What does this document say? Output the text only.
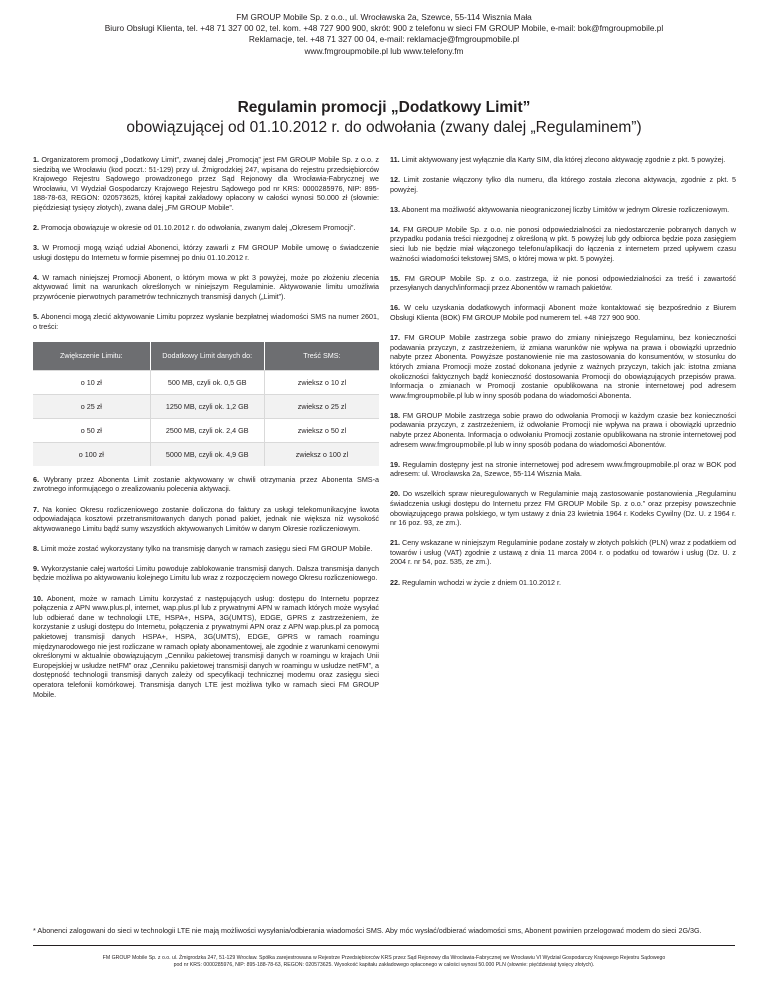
FM GROUP Mobile Sp. z o.o., ul. Wrocławska 2a, Szewce, 55-114 Wisznia Mała
Biuro Obsługi Klienta, tel. +48 71 327 00 02, tel. kom. +48 727 900 900, skrót: 900 z telefonu w sieci FM GROUP Mobile, e-mail: bok@fmgroupmobile.pl
Reklamacje, tel. +48 71 327 00 04, e-mail: reklamacje@fmgroupmobile.pl
www.fmgroupmobile.pl lub www.telefony.fm
Regulamin promocji „Dodatkowy Limit”
obowiązującej od 01.10.2012 r. do odwołania (zwany dalej „Regulaminem”)

1. Organizatorem promocji „Dodatkowy Limit”, zwanej dalej „Promocją” jest FM GROUP Mobile Sp. z o.o. z siedzibą we Wrocławiu (kod poczt.: 51-129) przy ul. Żmigrodzkiej 247, wpisana do rejestru przedsiębiorców Krajowego Rejestru Sądowego prowadzonego przez Sąd Rejonowy dla Wrocławia-Fabrycznej we Wrocławiu, VI Wydział Gospodarczy Krajowego Rejestru Sądowego pod nr KRS: 0000285976, NIP: 895-188-78-63, REGON: 020573625, której kapitał zakładowy opłacony w całości wynosi 50.000 zł (słownie: pięćdziesiąt tysięcy złotych), zwana dalej „FM GROUP Mobile”.

2. Promocja obowiązuje w okresie od 01.10.2012 r. do odwołania, zwanym dalej „Okresem Promocji”.

3. W Promocji mogą wziąć udział Abonenci, którzy zawarli z FM GROUP Mobile umowę o świadczenie usługi dostępu do Internetu w formie pisemnej po dniu 01.10.2012 r.

4. W ramach niniejszej Promocji Abonent, o którym mowa w pkt 3 powyżej, może po złożeniu zlecenia aktywować limit na warunkach określonych w niniejszym Regulaminie. Aktywowanie limitu umożliwia przywrócenie pierwotnych parametrów technicznych transmisji danych („Limit”).

5. Abonenci mogą zlecić aktywowanie Limitu poprzez wysłanie bezpłatnej wiadomości SMS na numer 2601, o treści:

Zwiększenie Limitu:	Dodatkowy Limit danych do:	Treść SMS:
o 10 zł	500 MB, czyli ok. 0,5 GB	zwieksz o 10 zl
o 25 zł	1250 MB, czyli ok. 1,2 GB	zwieksz o 25 zl
o 50 zł	2500 MB, czyli ok. 2,4 GB	zwieksz o 50 zl
o 100 zł	5000 MB, czyli ok. 4,9 GB	zwieksz o 100 zl

6. Wybrany przez Abonenta Limit zostanie aktywowany w chwili otrzymania przez Abonenta SMS-a zwrotnego informującego o zrealizowaniu polecenia aktywacji.

7. Na koniec Okresu rozliczeniowego zostanie doliczona do faktury za usługi telekomunikacyjne kwota odpowiadająca kosztowi przetransmitowanych danych ponad pakiet, jednak nie większa niż wysokość aktywowanego Limitu bądź sumy wszystkich aktywowanych Limitów w danym Okresie rozliczeniowym.

8. Limit może zostać wykorzystany tylko na transmisję danych w ramach zasięgu sieci FM GROUP Mobile.

9. Wykorzystanie całej wartości Limitu powoduje zablokowanie transmisji danych. Dalsza transmisja danych będzie możliwa po aktywowaniu kolejnego Limitu lub wraz z rozpoczęciem nowego Okresu rozliczeniowego.

10. Abonent, może w ramach Limitu korzystać z następujących usług: dostępu do Internetu poprzez połączenia z APN www.plus.pl, internet, wap.plus.pl lub z prywatnymi APN w ramach których może wysyłać lub odbierać dane w technologii LTE, HSPA+, HSPA, 3G(UMTS), EDGE, GPRS z zastrzeżeniem, że korzystanie z usługi dostępu do Internetu, połączenia z prywatnymi APN oraz z APN wap.plus.pl za pomocą pakietowej transmisji danych HSPA+, HSPA, 3G(UMTS), EDGE, GPRS w ramach roamingu międzynarodowego nie jest rozliczane w ramach opłaty abonamentowej, ale zgodnie z warunkami cenowymi określonymi w aktualnie obowiązującym „Cenniku pakietowej transmisji danych w roamingu w krajach Unii Europejskiej w usłudze netFM” oraz „Cenniku pakietowej transmisji danych w roamingu w usłudze netFM”, a dostępność technologii transmisji danych zależy od specyfikacji technicznej modemu oraz zasięgu sieci operatora telefonii komórkowej. Transmisja danych LTE jest możliwa tylko w ramach sieci FM GROUP Mobile.

11. Limit aktywowany jest wyłącznie dla Karty SIM, dla której zlecono aktywację zgodnie z pkt. 5 powyżej.

12. Limit zostanie włączony tylko dla numeru, dla którego została zlecona aktywacja, zgodnie z pkt. 5 powyżej.

13. Abonent ma możliwość aktywowania nieograniczonej liczby Limitów w jednym Okresie rozliczeniowym.

14. FM GROUP Mobile Sp. z o.o. nie ponosi odpowiedzialności za niedostarczenie pobranych danych w przypadku podania treści niezgodnej z określoną w pkt. 5 powyżej lub gdy odbiorca będzie poza zasięgiem sieci lub nie będzie miał włączonego telefonu/aplikacji do łączenia z internetem przed upływem czasu ważności wiadomości tekstowej SMS, o której mowa w pkt. 5 powyżej.

15. FM GROUP Mobile Sp. z o.o. zastrzega, iż nie ponosi odpowiedzialności za treść i zawartość przesyłanych danych/informacji przez Abonentów w ramach pakietów.

16. W celu uzyskania dodatkowych informacji Abonent może kontaktować się bezpośrednio z Biurem Obsługi Klienta (BOK) FM GROUP Mobile pod numerem tel. +48 727 900 900.

17. FM GROUP Mobile zastrzega sobie prawo do zmiany niniejszego Regulaminu, bez konieczności podawania przyczyn, z zastrzeżeniem, iż zmiana warunków nie wpływa na prawa i obowiązki uprzednio nabyte przez Abonenta. Powyższe postanowienie nie ma zastosowania do konsumentów, w stosunku do których zmiana Promocji może zostać dokonana jedynie z ważnych przyczyn, takich jak: istotna zmiana okoliczności faktycznych bądź konieczność dostosowania Promocji do obowiązujących przepisów prawa. Informacja o zmianach w Promocji zostanie opublikowana na stronie internetowej pod adresem www.fmgroupmobile.pl lub w inny sposób podana do wiadomości Abonenta.

18. FM GROUP Mobile zastrzega sobie prawo do odwołania Promocji w każdym czasie bez konieczności podawania przyczyn, z zastrzeżeniem, iż odwołanie Promocji nie wpływa na prawa i obowiązki uprzednio nabyte przez Abonenta. Informacja o odwołaniu Promocji zostanie opublikowana na stronie internetowej pod adresem www.fmgroupmobile.pl lub w inny sposób podana do wiadomości Abonentów.

19. Regulamin dostępny jest na stronie internetowej pod adresem www.fmgroupmobile.pl oraz w BOK pod adresem: ul. Wrocławska 2a, Szewce, 55-114 Wisznia Mała.

20. Do wszelkich spraw nieuregulowanych w Regulaminie mają zastosowanie postanowienia „Regulaminu świadczenia usługi dostępu do Internetu przez FM GROUP Mobile Sp. z o.o.” oraz przepisy powszechnie obowiązującego prawa polskiego, w tym ustawy z dnia 23 kwietnia 1964 r. Kodeks Cywilny (Dz. U. z 1964 r. nr 16 poz. 93, ze zm.).

21. Ceny wskazane w niniejszym Regulaminie podane zostały w złotych polskich (PLN) wraz z podatkiem od towarów i usług (VAT) zgodnie z ustawą z dnia 11 marca 2004 r. o podatku od towarów i usług (Dz. U. z 2004 r. nr 54, poz. 535, ze zm.).

22. Regulamin wchodzi w życie z dniem 01.10.2012 r.

* Abonenci zalogowani do sieci w technologii LTE nie mają możliwości wysyłania/odbierania wiadomości SMS. Aby móc wysłać/odbierać wiadomości sms, Abonent powinien przelogować modem do sieci 2G/3G.
FM GROUP Mobile Sp. z o.o. ul. Żmigrodzka 247, 51-129 Wrocław. Spółka zarejestrowana w Rejestrze Przedsiębiorców KRS przez Sąd Rejonowy dla Wrocławia-Fabrycznej we Wrocławiu VI Wydział Gospodarczy Krajowego Rejestru Sądowego
pod nr KRS: 0000285976, NIP: 895-188-78-63, REGON: 020573625. Wysokość kapitału zakładowego opłaconego w całości wynosi 50.000 PLN (słownie: pięćdziesiąt tysięcy złotych).
